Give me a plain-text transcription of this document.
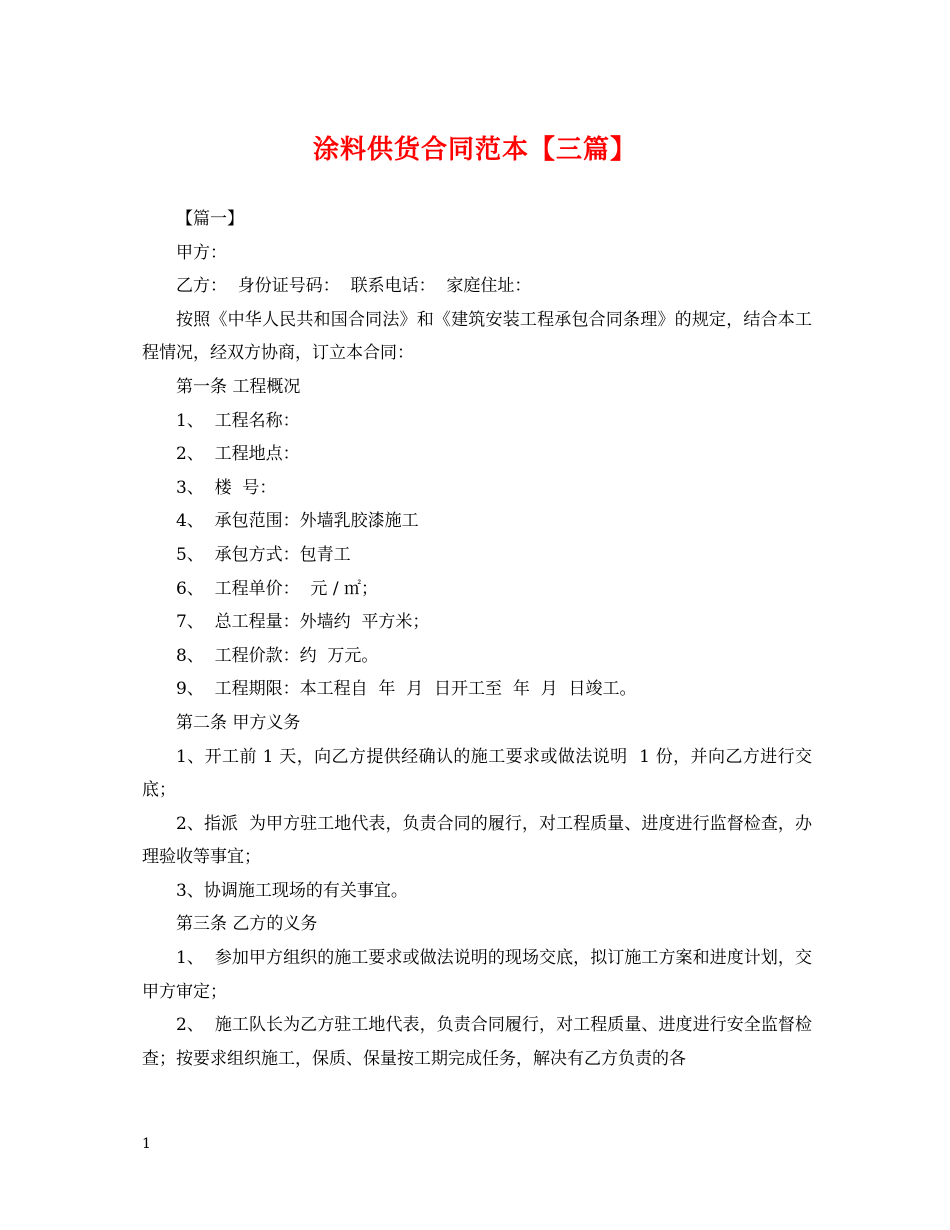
涂料供货合同范本【三篇】

【篇一】

甲方：

乙方：  身份证号码：  联系电话：  家庭住址：

按照《中华人民共和国合同法》和《建筑安装工程承包合同条理》的规定，结合本工程情况，经双方协商，订立本合同：

第一条 工程概况

1、  工程名称：

2、  工程地点：

3、  楼  号：

4、  承包范围：外墙乳胶漆施工

5、  承包方式：包青工

6、  工程单价：  元 / ㎡；

7、  总工程量：外墙约  平方米；

8、  工程价款：约  万元。

9、  工程期限：本工程自  年  月  日开工至  年  月  日竣工。

第二条 甲方义务

1、开工前 1 天，向乙方提供经确认的施工要求或做法说明  1 份，并向乙方进行交底；

2、指派  为甲方驻工地代表，负责合同的履行，对工程质量、进度进行监督检查，办理验收等事宜；

3、协调施工现场的有关事宜。

第三条 乙方的义务

1、  参加甲方组织的施工要求或做法说明的现场交底，拟订施工方案和进度计划，交 甲方审定；

2、  施工队长为乙方驻工地代表，负责合同履行，对工程质量、进度进行安全监督检  查；按要求组织施工，保质、保量按工期完成任务，解决有乙方负责的各

1
